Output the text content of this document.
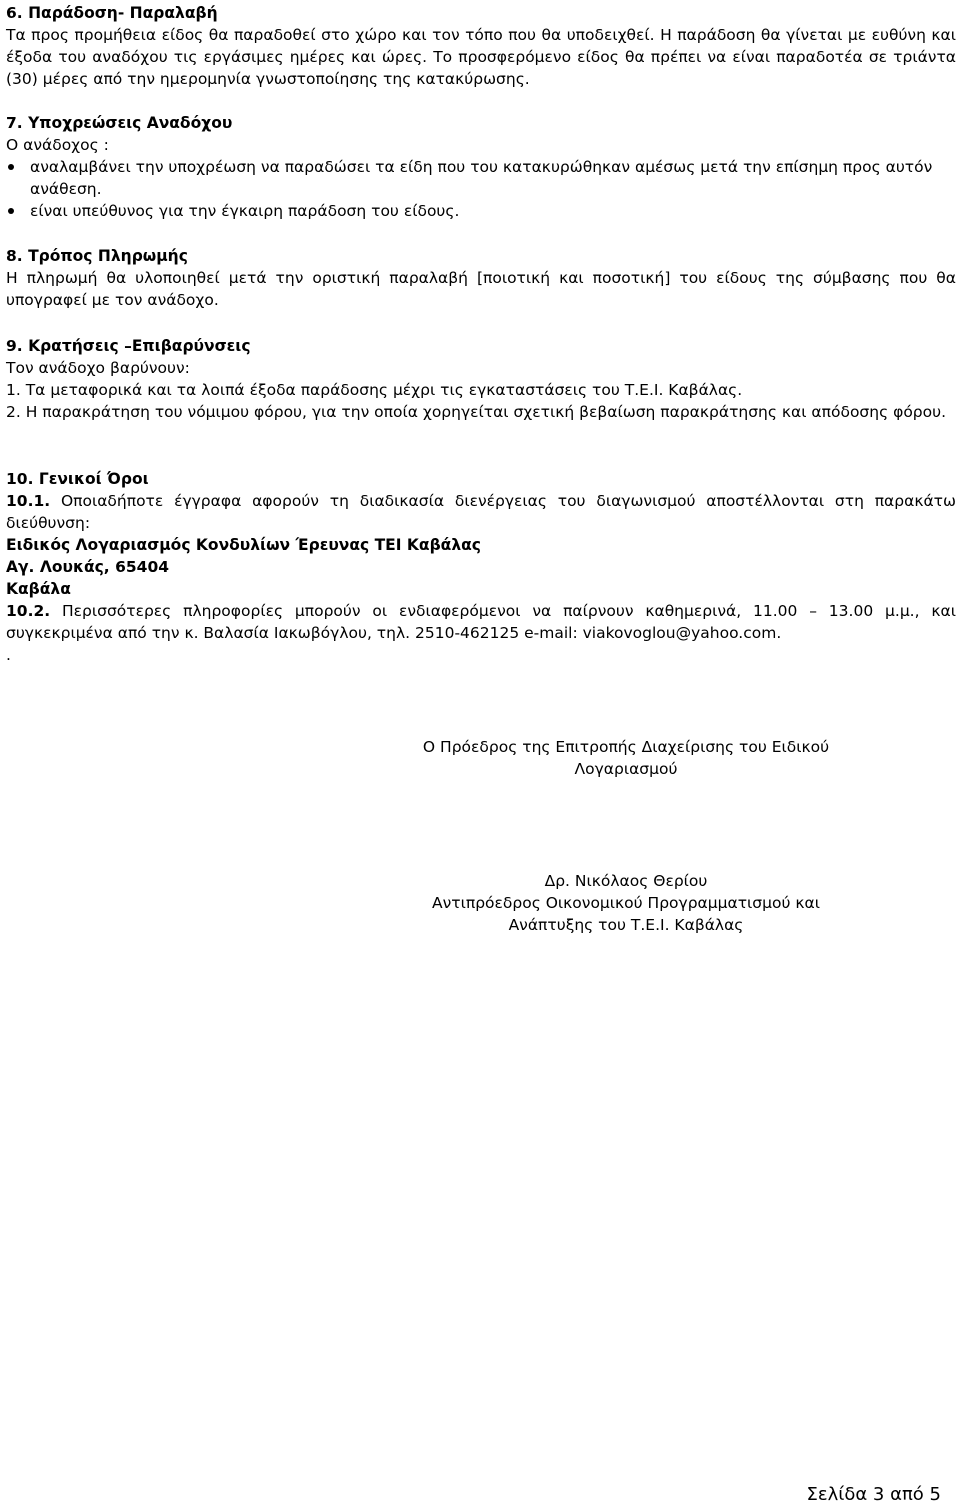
6. Παράδοση- Παραλαβή
Τα προς προμήθεια είδος θα παραδοθεί στο χώρο και τον τόπο που θα υποδειχθεί. Η παράδοση θα γίνεται με ευθύνη και έξοδα του αναδόχου τις εργάσιμες ημέρες και ώρες. Το προσφερόμενο είδος θα πρέπει να είναι παραδοτέα σε τριάντα (30) μέρες από την ημερομηνία γνωστοποίησης της κατακύρωσης.
7. Υποχρεώσεις Αναδόχου
Ο ανάδοχος :
αναλαμβάνει την υποχρέωση να παραδώσει τα είδη που του κατακυρώθηκαν αμέσως μετά την επίσημη προς αυτόν ανάθεση.
είναι υπεύθυνος για την έγκαιρη παράδοση του είδους.
8. Τρόπος Πληρωμής
Η πληρωμή θα υλοποιηθεί μετά την οριστική παραλαβή [ποιοτική και ποσοτική] του είδους της σύμβασης που θα υπογραφεί με τον ανάδοχο.
9. Κρατήσεις –Επιβαρύνσεις
Τον ανάδοχο βαρύνουν:
1. Τα μεταφορικά και τα λοιπά έξοδα παράδοσης μέχρι τις εγκαταστάσεις του Τ.Ε.Ι. Καβάλας.
2. Η παρακράτηση του νόμιμου φόρου, για την οποία χορηγείται σχετική βεβαίωση παρακράτησης και απόδοσης φόρου.
10. Γενικοί Όροι
10.1. Οποιαδήποτε έγγραφα αφορούν τη διαδικασία διενέργειας του διαγωνισμού αποστέλλονται στη παρακάτω διεύθυνση:
Ειδικός Λογαριασμός Κονδυλίων Έρευνας ΤΕΙ Καβάλας
Αγ. Λουκάς, 65404
Καβάλα
10.2. Περισσότερες πληροφορίες μπορούν οι ενδιαφερόμενοι να παίρνουν καθημερινά, 11.00 – 13.00 μ.μ., και συγκεκριμένα από την κ. Βαλασία Ιακωβόγλου, τηλ. 2510-462125 e-mail: viakovoglou@yahoo.com.
.
Ο Πρόεδρος της Επιτροπής Διαχείρισης του Ειδικού
Λογαριασμού
Δρ. Νικόλαος Θερίου
Αντιπρόεδρος Οικονομικού Προγραμματισμού και
Ανάπτυξης του Τ.Ε.Ι. Καβάλας
Σελίδα 3 από 5
